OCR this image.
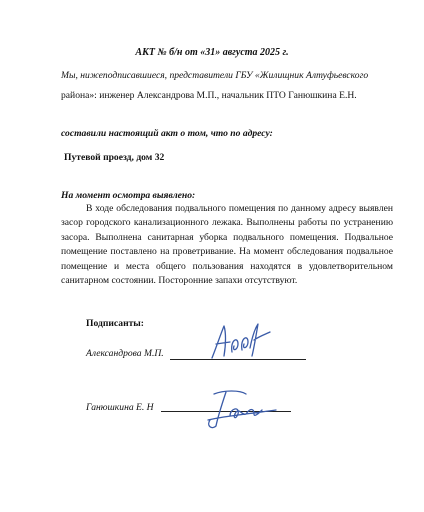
АКТ № б/н от «31» августа 2025 г.
Мы, нижеподписавшиеся, представители ГБУ «Жилищник Алтуфьевского
района»: инженер Александрова М.П., начальник ПТО Ганюшкина Е.Н.
составили настоящий акт о том, что по адресу:
Путевой проезд, дом 32
На момент осмотра выявлено:
В ходе обследования подвального помещения по данному адресу выявлен засор городского канализационного лежака. Выполнены работы по устранению засора. Выполнена санитарная уборка подвального помещения. Подвальное помещение поставлено на проветривание. На момент обследования подвальное помещение и места общего пользования находятся в удовлетворительном санитарном состоянии. Посторонние запахи отсутствуют.
Подписанты:
Александрова М.П.
Ганюшкина Е. Н
